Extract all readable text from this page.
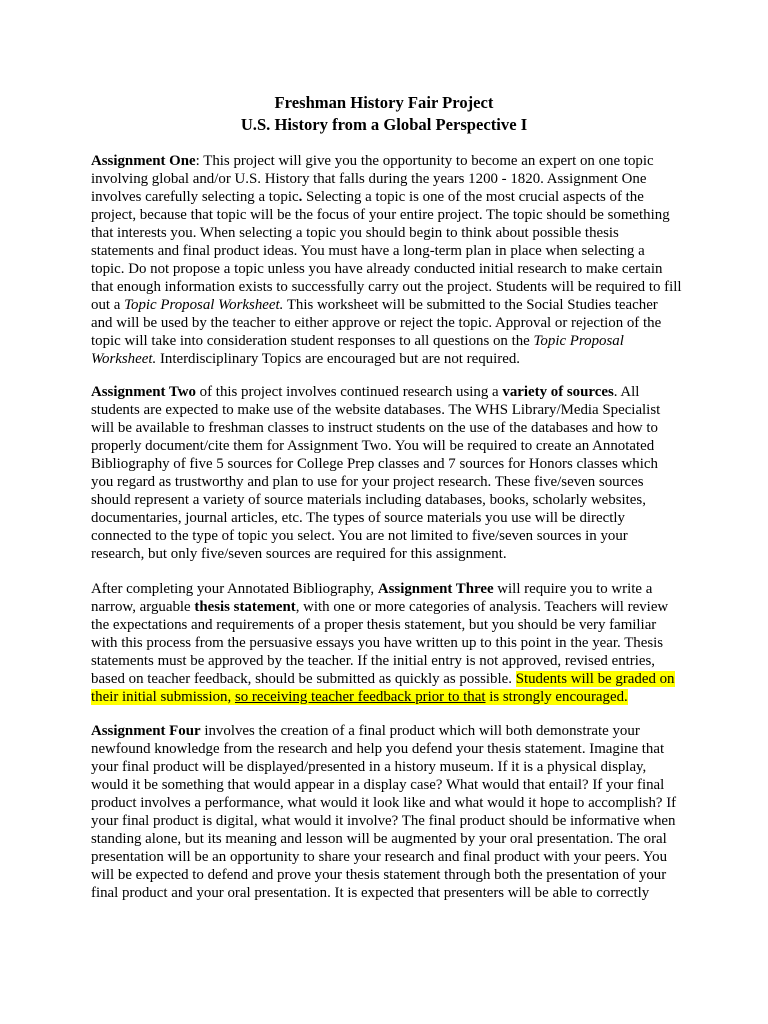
Freshman History Fair Project
U.S. History from a Global Perspective I

Assignment One: This project will give you the opportunity to become an expert on one topic
involving global and/or U.S. History that falls during the years 1200 - 1820. Assignment One
involves carefully selecting a topic. Selecting a topic is one of the most crucial aspects of the
project, because that topic will be the focus of your entire project. The topic should be something
that interests you. When selecting a topic you should begin to think about possible thesis
statements and final product ideas. You must have a long-term plan in place when selecting a
topic. Do not propose a topic unless you have already conducted initial research to make certain
that enough information exists to successfully carry out the project. Students will be required to fill
out a Topic Proposal Worksheet. This worksheet will be submitted to the Social Studies teacher
and will be used by the teacher to either approve or reject the topic. Approval or rejection of the
topic will take into consideration student responses to all questions on the Topic Proposal
Worksheet. Interdisciplinary Topics are encouraged but are not required.

Assignment Two of this project involves continued research using a variety of sources. All
students are expected to make use of the website databases. The WHS Library/Media Specialist
will be available to freshman classes to instruct students on the use of the databases and how to
properly document/cite them for Assignment Two. You will be required to create an Annotated
Bibliography of five 5 sources for College Prep classes and 7 sources for Honors classes which
you regard as trustworthy and plan to use for your project research. These five/seven sources
should represent a variety of source materials including databases, books, scholarly websites,
documentaries, journal articles, etc. The types of source materials you use will be directly
connected to the type of topic you select. You are not limited to five/seven sources in your
research, but only five/seven sources are required for this assignment.

After completing your Annotated Bibliography, Assignment Three will require you to write a
narrow, arguable thesis statement, with one or more categories of analysis. Teachers will review
the expectations and requirements of a proper thesis statement, but you should be very familiar
with this process from the persuasive essays you have written up to this point in the year. Thesis
statements must be approved by the teacher. If the initial entry is not approved, revised entries,
based on teacher feedback, should be submitted as quickly as possible. Students will be graded on
their initial submission, so receiving teacher feedback prior to that is strongly encouraged.

Assignment Four involves the creation of a final product which will both demonstrate your
newfound knowledge from the research and help you defend your thesis statement. Imagine that
your final product will be displayed/presented in a history museum. If it is a physical display,
would it be something that would appear in a display case? What would that entail? If your final
product involves a performance, what would it look like and what would it hope to accomplish? If
your final product is digital, what would it involve? The final product should be informative when
standing alone, but its meaning and lesson will be augmented by your oral presentation. The oral
presentation will be an opportunity to share your research and final product with your peers. You
will be expected to defend and prove your thesis statement through both the presentation of your
final product and your oral presentation. It is expected that presenters will be able to correctly
